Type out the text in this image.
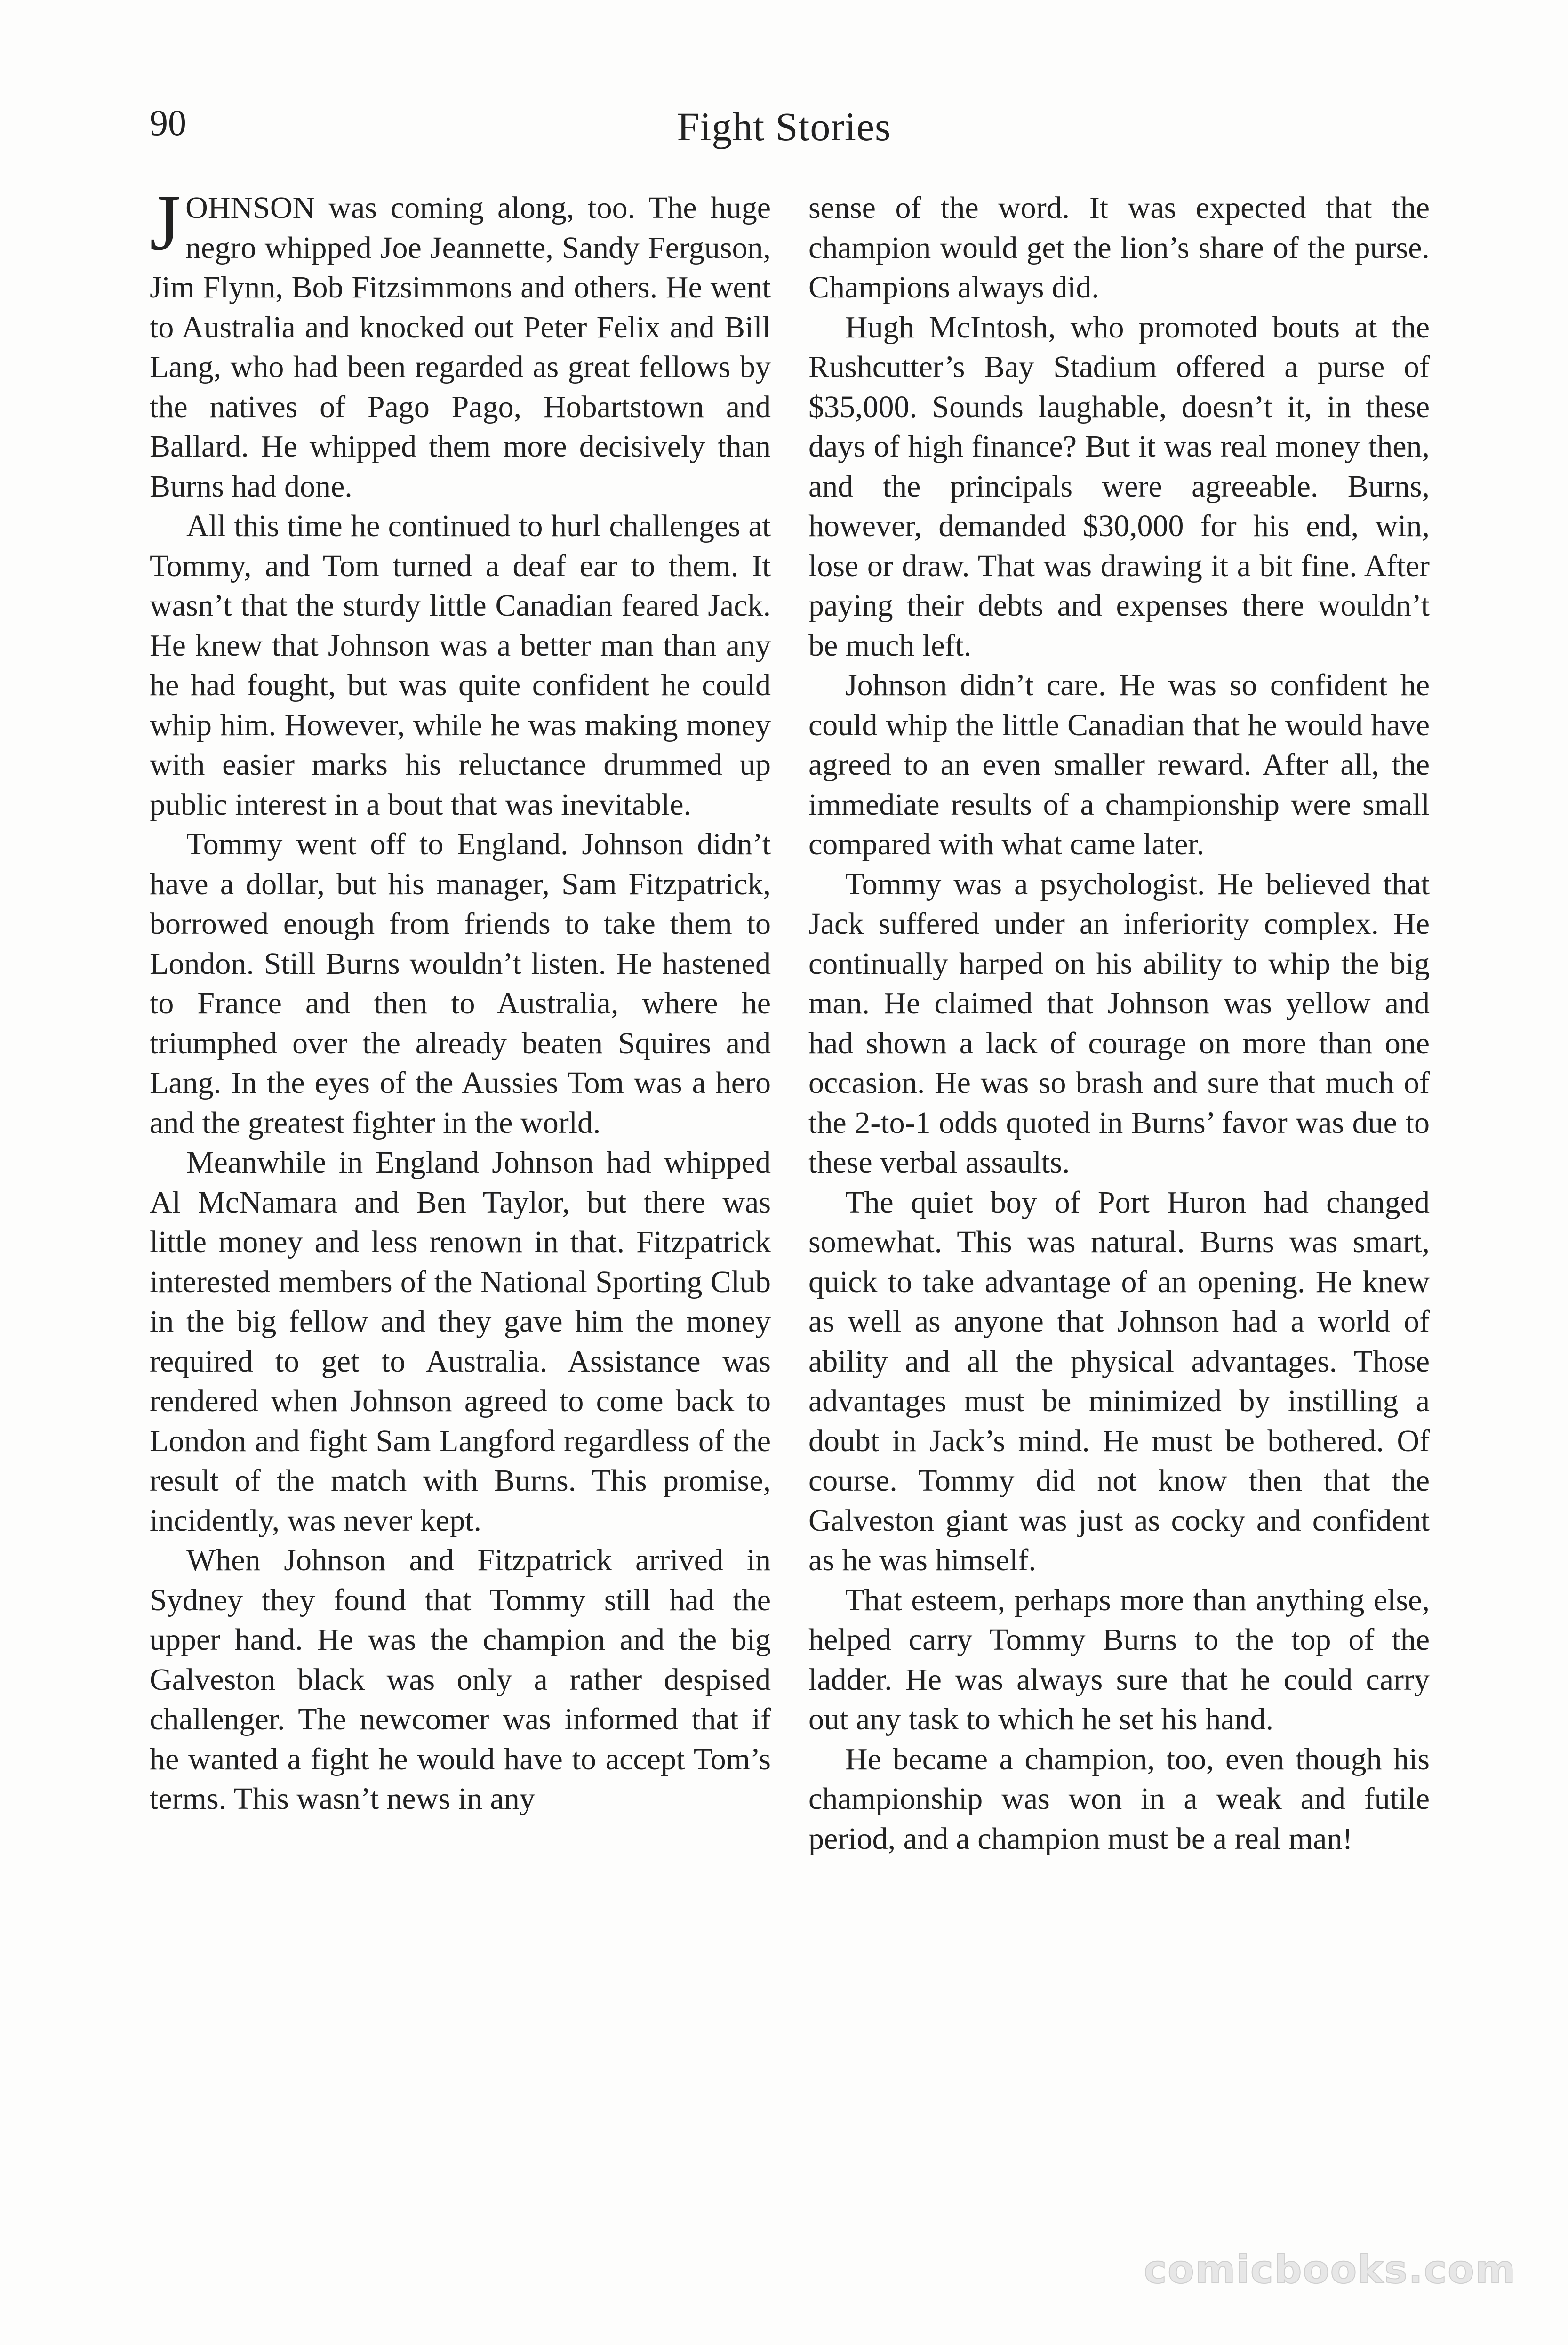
90	Fight Stories

JOHNSON was coming along, too. The huge negro whipped Joe Jeannette, Sandy Ferguson, Jim Flynn, Bob Fitzsimmons and others. He went to Australia and knocked out Peter Felix and Bill Lang, who had been regarded as great fellows by the natives of Pago Pago, Hobartstown and Ballard. He whipped them more decisively than Burns had done.

All this time he continued to hurl challenges at Tommy, and Tom turned a deaf ear to them. It wasn’t that the sturdy little Canadian feared Jack. He knew that Johnson was a better man than any he had fought, but was quite confident he could whip him. However, while he was making money with easier marks his reluctance drummed up public interest in a bout that was inevitable.

Tommy went off to England. Johnson didn’t have a dollar, but his manager, Sam Fitzpatrick, borrowed enough from friends to take them to London. Still Burns wouldn’t listen. He hastened to France and then to Australia, where he triumphed over the already beaten Squires and Lang. In the eyes of the Aussies Tom was a hero and the greatest fighter in the world.

Meanwhile in England Johnson had whipped Al McNamara and Ben Taylor, but there was little money and less renown in that. Fitzpatrick interested members of the National Sporting Club in the big fellow and they gave him the money required to get to Australia. Assistance was rendered when Johnson agreed to come back to London and fight Sam Langford regardless of the result of the match with Burns. This promise, incidently, was never kept.

When Johnson and Fitzpatrick arrived in Sydney they found that Tommy still had the upper hand. He was the champion and the big Galveston black was only a rather despised challenger. The newcomer was informed that if he wanted a fight he would have to accept Tom’s terms. This wasn’t news in any

sense of the word. It was expected that the champion would get the lion’s share of the purse. Champions always did.

Hugh McIntosh, who promoted bouts at the Rushcutter’s Bay Stadium offered a purse of $35,000. Sounds laughable, doesn’t it, in these days of high finance? But it was real money then, and the principals were agreeable. Burns, however, demanded $30,000 for his end, win, lose or draw. That was drawing it a bit fine. After paying their debts and expenses there wouldn’t be much left.

Johnson didn’t care. He was so confident he could whip the little Canadian that he would have agreed to an even smaller reward. After all, the immediate results of a championship were small compared with what came later.

Tommy was a psychologist. He believed that Jack suffered under an inferiority complex. He continually harped on his ability to whip the big man. He claimed that Johnson was yellow and had shown a lack of courage on more than one occasion. He was so brash and sure that much of the 2-to-1 odds quoted in Burns’ favor was due to these verbal assaults.

The quiet boy of Port Huron had changed somewhat. This was natural. Burns was smart, quick to take advantage of an opening. He knew as well as anyone that Johnson had a world of ability and all the physical advantages. Those advantages must be minimized by instilling a doubt in Jack’s mind. He must be bothered. Of course. Tommy did not know then that the Galveston giant was just as cocky and confident as he was himself.

That esteem, perhaps more than anything else, helped carry Tommy Burns to the top of the ladder. He was always sure that he could carry out any task to which he set his hand.

He became a champion, too, even though his championship was won in a weak and futile period, and a champion must be a real man!

comicbooks.com
